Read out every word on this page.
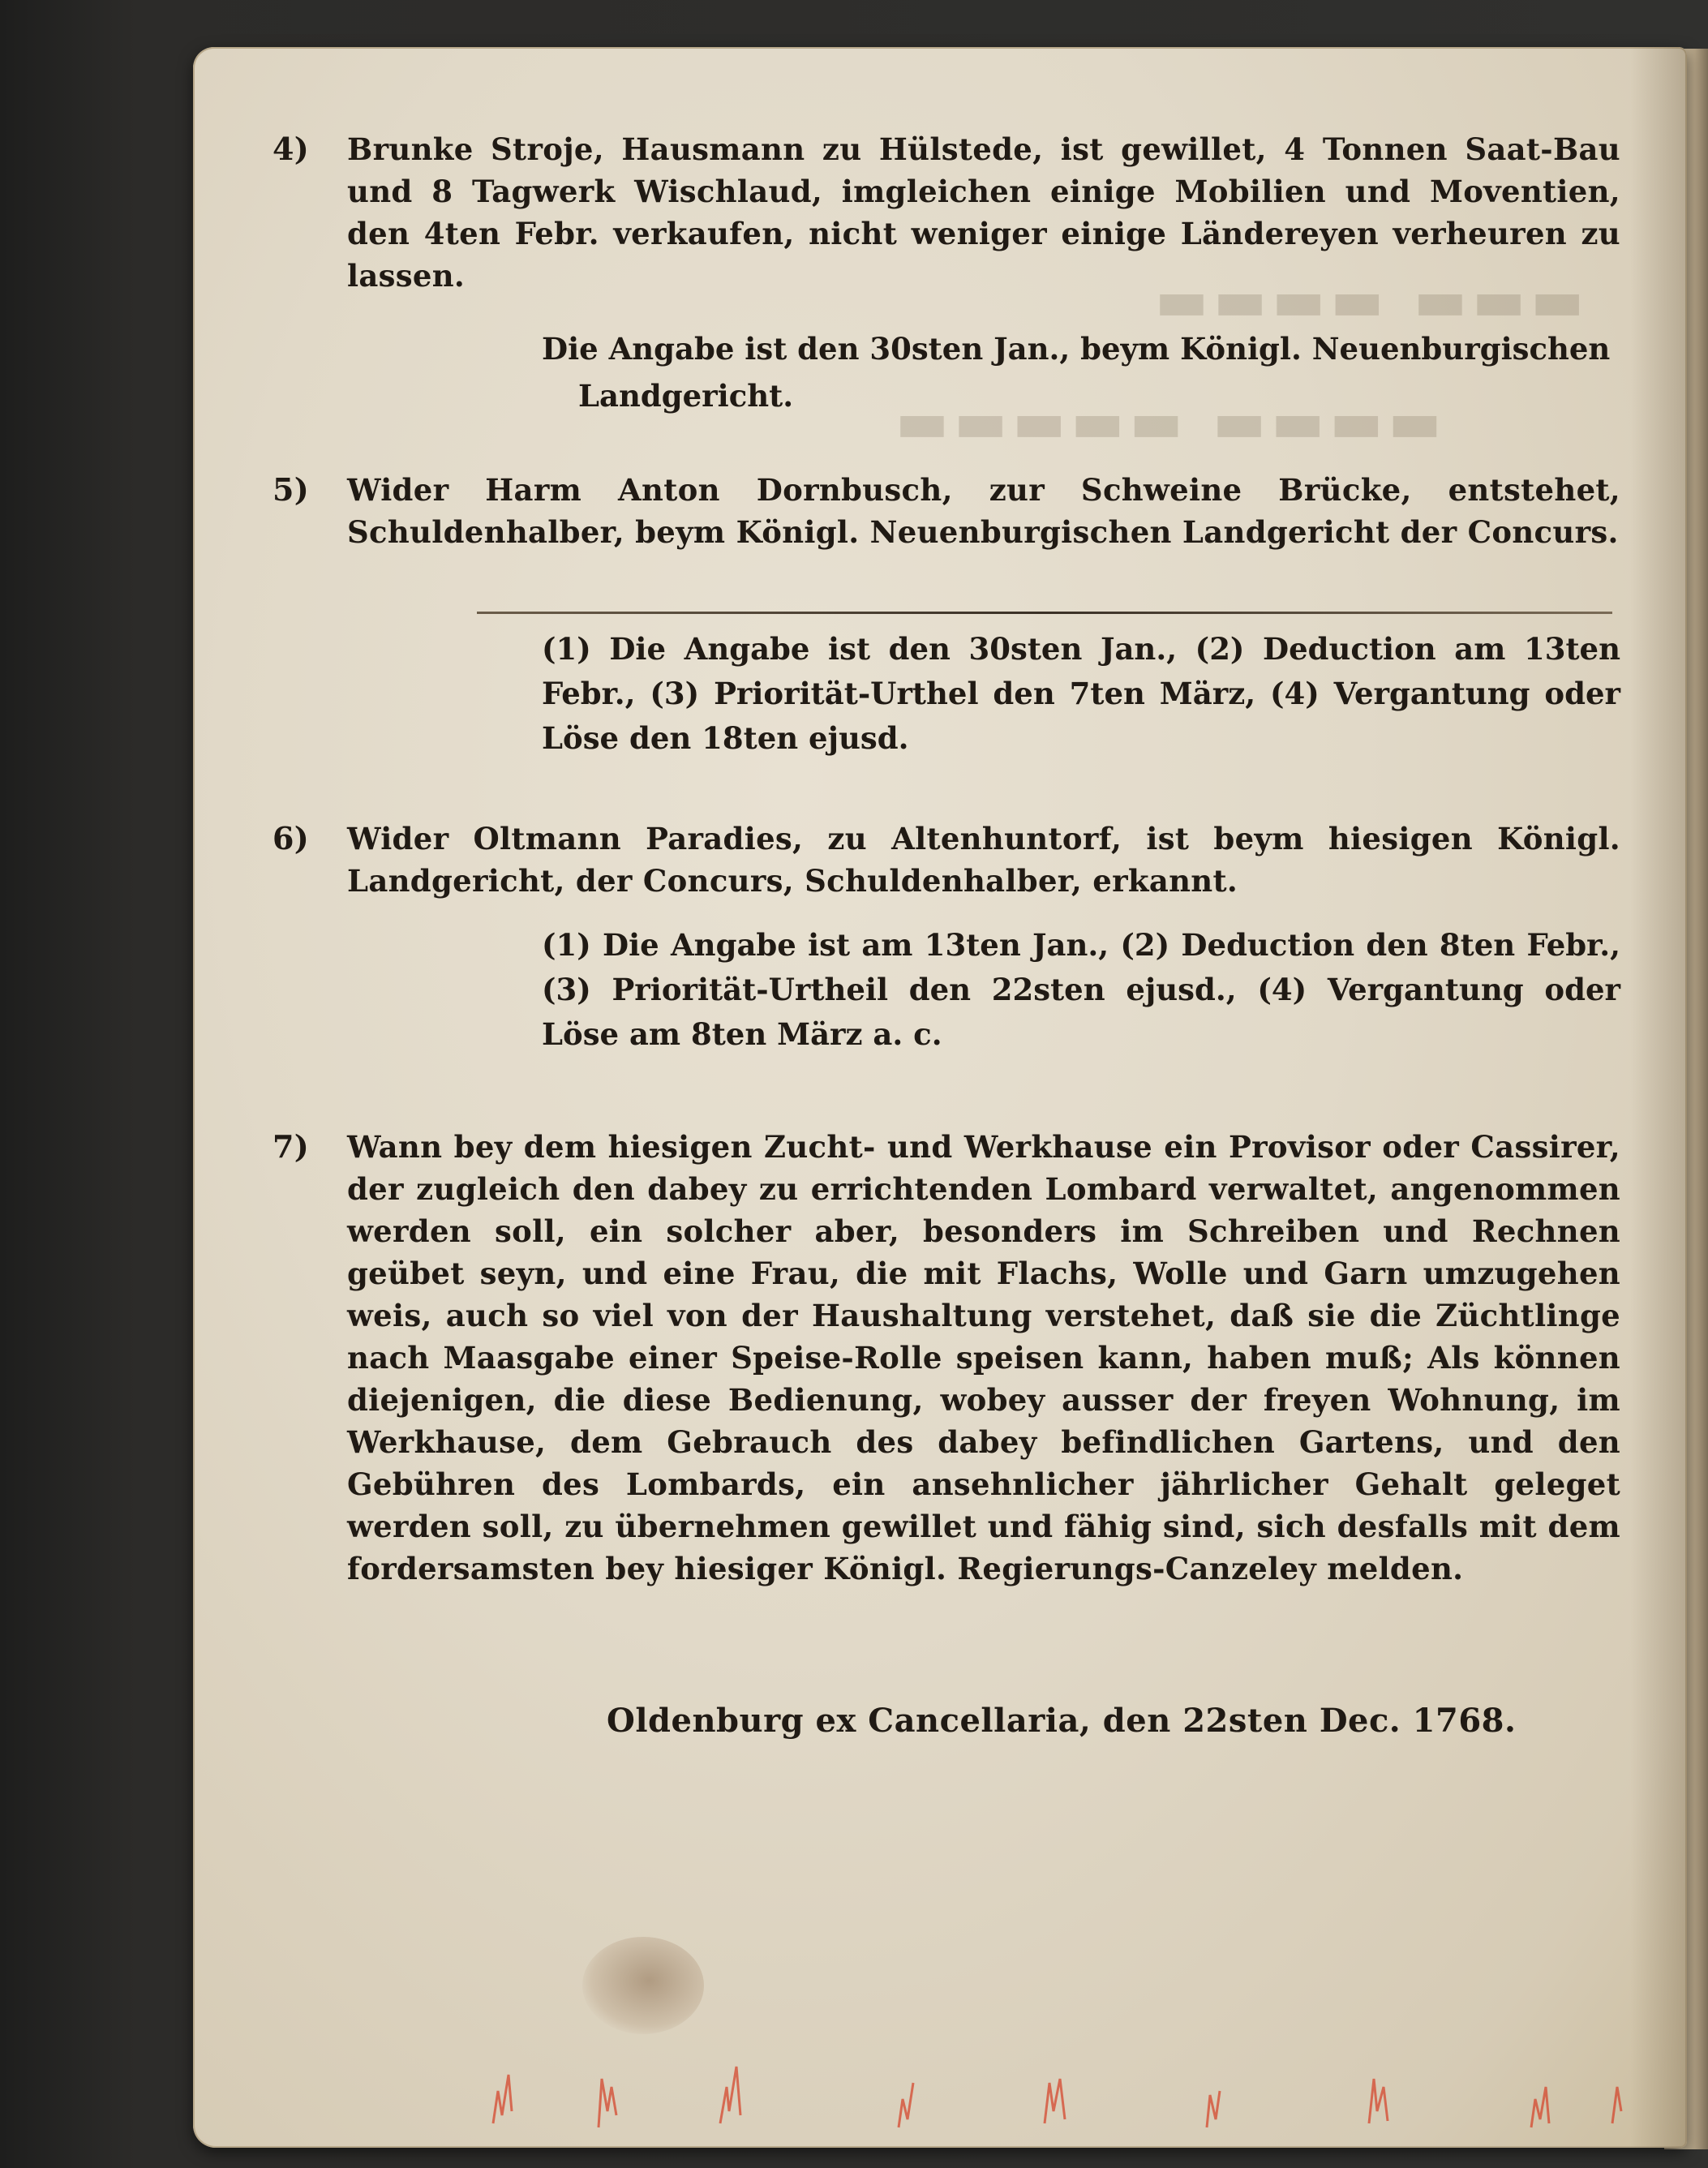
▬▬▬ ▬▬▬▬
▬▬▬▬ ▬▬▬▬▬
4) Brunke Stroje, Hausmann zu Hülstede, ist gewillet, 4 Tonnen Saat-Bau und 8 Tagwerk Wischlaud, imgleichen einige Mobilien und Moventien, den 4ten Febr. verkaufen, nicht weniger einige Ländereyen verheuren zu lassen.
Die Angabe ist den 30sten Jan., beym Königl. Neuenburgischen
Landgericht.
5) Wider Harm Anton Dornbusch, zur Schweine Brücke, entstehet, Schuldenhalber, beym Königl. Neuenburgischen Landgericht der Concurs.
(1) Die Angabe ist den 30sten Jan., (2) Deduction am 13ten Febr., (3) Priorität-Urthel den 7ten März, (4) Vergantung oder Löse den 18ten ejusd.
6) Wider Oltmann Paradies, zu Altenhuntorf, ist beym hiesigen Königl. Landgericht, der Concurs, Schuldenhalber, erkannt.
(1) Die Angabe ist am 13ten Jan., (2) Deduction den 8ten Febr., (3) Priorität-Urtheil den 22sten ejusd., (4) Vergantung oder Löse am 8ten März a. c.
7) Wann bey dem hiesigen Zucht- und Werkhause ein Provisor oder Cassirer, der zugleich den dabey zu errichtenden Lombard verwaltet, angenommen werden soll, ein solcher aber, besonders im Schreiben und Rechnen geübet seyn, und eine Frau, die mit Flachs, Wolle und Garn umzugehen weis, auch so viel von der Haushaltung verstehet, daß sie die Züchtlinge nach Maasgabe einer Speise-Rolle speisen kann, haben muß; Als können diejenigen, die diese Bedienung, wobey ausser der freyen Wohnung, im Werkhause, dem Gebrauch des dabey befindlichen Gartens, und den Gebühren des Lombards, ein ansehnlicher jährlicher Gehalt geleget werden soll, zu übernehmen gewillet und fähig sind, sich desfalls mit dem fordersamsten bey hiesiger Königl. Regierungs-Canzeley melden.
Oldenburg ex Cancellaria, den 22sten Dec. 1768.
